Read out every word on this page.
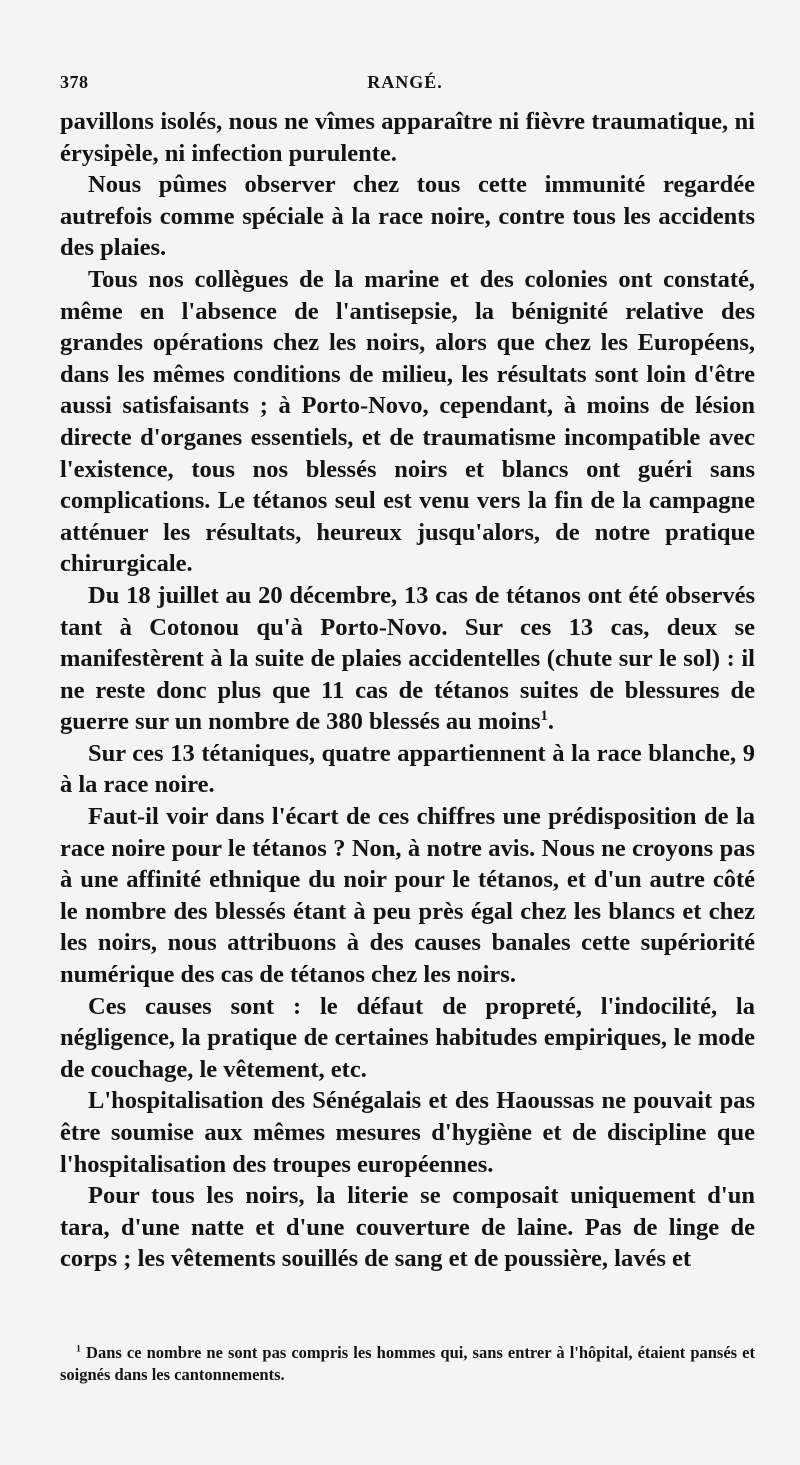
378	RANGÉ.

pavillons isolés, nous ne vîmes apparaître ni fièvre traumatique, ni érysipèle, ni infection purulente.

Nous pûmes observer chez tous cette immunité regardée autrefois comme spéciale à la race noire, contre tous les accidents des plaies.

Tous nos collègues de la marine et des colonies ont constaté, même en l'absence de l'antisepsie, la bénignité relative des grandes opérations chez les noirs, alors que chez les Européens, dans les mêmes conditions de milieu, les résultats sont loin d'être aussi satisfaisants ; à Porto-Novo, cependant, à moins de lésion directe d'organes essentiels, et de traumatisme incompatible avec l'existence, tous nos blessés noirs et blancs ont guéri sans complications. Le tétanos seul est venu vers la fin de la campagne atténuer les résultats, heureux jusqu'alors, de notre pratique chirurgicale.

Du 18 juillet au 20 décembre, 13 cas de tétanos ont été observés tant à Cotonou qu'à Porto-Novo. Sur ces 13 cas, deux se manifestèrent à la suite de plaies accidentelles (chute sur le sol) : il ne reste donc plus que 11 cas de tétanos suites de blessures de guerre sur un nombre de 380 blessés au moins$^1$.

Sur ces 13 tétaniques, quatre appartiennent à la race blanche, 9 à la race noire.

Faut-il voir dans l'écart de ces chiffres une prédisposition de la race noire pour le tétanos ? Non, à notre avis. Nous ne croyons pas à une affinité ethnique du noir pour le tétanos, et d'un autre côté le nombre des blessés étant à peu près égal chez les blancs et chez les noirs, nous attribuons à des causes banales cette supériorité numérique des cas de tétanos chez les noirs.

Ces causes sont : le défaut de propreté, l'indocilité, la négligence, la pratique de certaines habitudes empiriques, le mode de couchage, le vêtement, etc.

L'hospitalisation des Sénégalais et des Haoussas ne pouvait pas être soumise aux mêmes mesures d'hygiène et de discipline que l'hospitalisation des troupes européennes.

Pour tous les noirs, la literie se composait uniquement d'un tara, d'une natte et d'une couverture de laine. Pas de linge de corps ; les vêtements souillés de sang et de poussière, lavés et

$^1$ Dans ce nombre ne sont pas compris les hommes qui, sans entrer à l'hôpital, étaient pansés et soignés dans les cantonnements.
